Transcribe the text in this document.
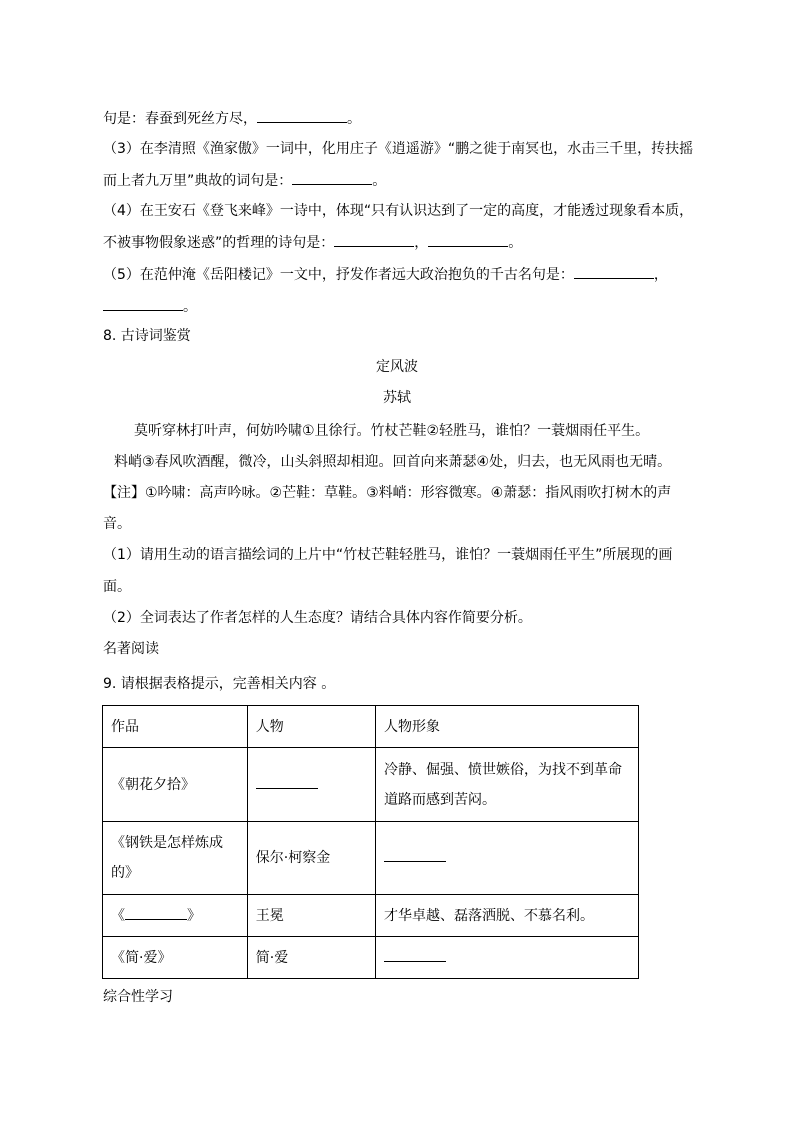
句是：春蚕到死丝方尽，	。
（3）在李清照《渔家傲》一词中，化用庄子《逍遥游》“鹏之徙于南冥也，水击三千里，抟扶摇
而上者九万里”典故的词句是：	。
（4）在王安石《登飞来峰》一诗中，体现“只有认识达到了一定的高度，才能透过现象看本质，
不被事物假象迷惑”的哲理的诗句是：	，	。
（5）在范仲淹《岳阳楼记》一文中，抒发作者远大政治抱负的千古名句是：	，
。
8. 古诗词鉴赏
定风波
苏轼
莫听穿林打叶声，何妨吟啸①且徐行。竹杖芒鞋②轻胜马，谁怕？一蓑烟雨任平生。
料峭③春风吹酒醒，微冷，山头斜照却相迎。回首向来萧瑟④处，归去，也无风雨也无晴。
【注】①吟啸：高声吟咏。②芒鞋：草鞋。③料峭：形容微寒。④萧瑟：指风雨吹打树木的声
音。
（1）请用生动的语言描绘词的上片中“竹杖芒鞋轻胜马，谁怕？一蓑烟雨任平生”所展现的画
面。
（2）全词表达了作者怎样的人生态度？请结合具体内容作简要分析。
名著阅读
9. 请根据表格提示，完善相关内容 。
作品	人物	人物形象
《朝花夕拾》		冷静、倔强、愤世嫉俗，为找不到革命
道路而感到苦闷。

《钢铁是怎样炼成
的》	保尔·柯察金	
《 》	王冕	才华卓越、磊落洒脱、不慕名利。
《简·爱》	简·爱	
综合性学习
